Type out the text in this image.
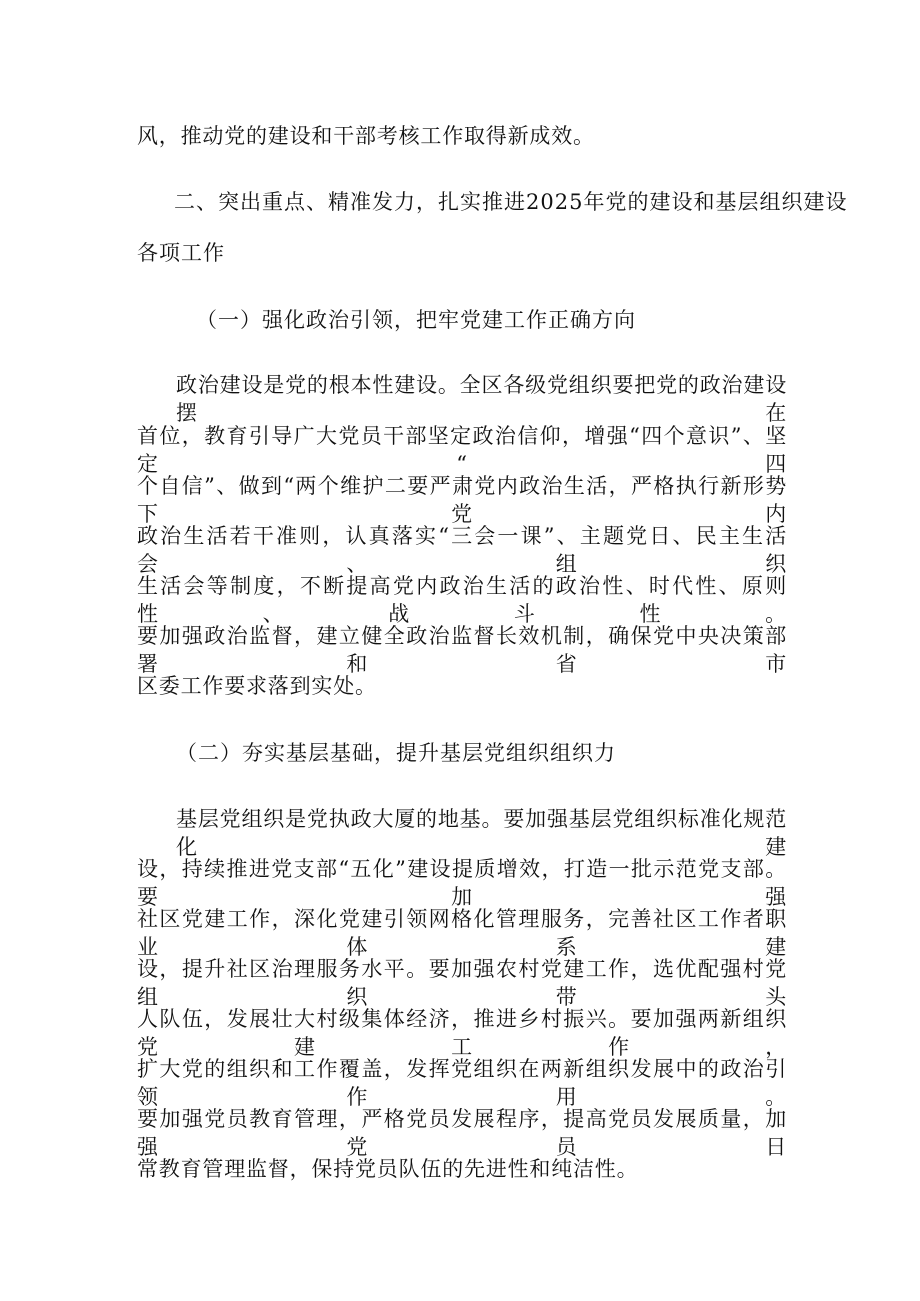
风，推动党的建设和干部考核工作取得新成效。
二、突出重点、精准发力，扎实推进2025年党的建设和基层组织建设
各项工作
（一）强化政治引领，把牢党建工作正确方向
政治建设是党的根本性建设。全区各级党组织要把党的政治建设摆在
首位，教育引导广大党员干部坚定政治信仰，增强“四个意识”、坚定“四
个自信”、做到“两个维护二要严肃党内政治生活，严格执行新形势下党内
政治生活若干准则，认真落实“三会一课”、主题党日、民主生活会、组织
生活会等制度，不断提高党内政治生活的政治性、时代性、原则性、战斗性。
要加强政治监督，建立健全政治监督长效机制，确保党中央决策部署和省市
区委工作要求落到实处。
（二）夯实基层基础，提升基层党组织组织力
基层党组织是党执政大厦的地基。要加强基层党组织标准化规范化建
设，持续推进党支部“五化”建设提质增效，打造一批示范党支部。要加强
社区党建工作，深化党建引领网格化管理服务，完善社区工作者职业体系建
设，提升社区治理服务水平。要加强农村党建工作，选优配强村党组织带头
人队伍，发展壮大村级集体经济，推进乡村振兴。要加强两新组织党建工作，
扩大党的组织和工作覆盖，发挥党组织在两新组织发展中的政治引领作用。
要加强党员教育管理，严格党员发展程序，提高党员发展质量，加强党员日
常教育管理监督，保持党员队伍的先进性和纯洁性。
